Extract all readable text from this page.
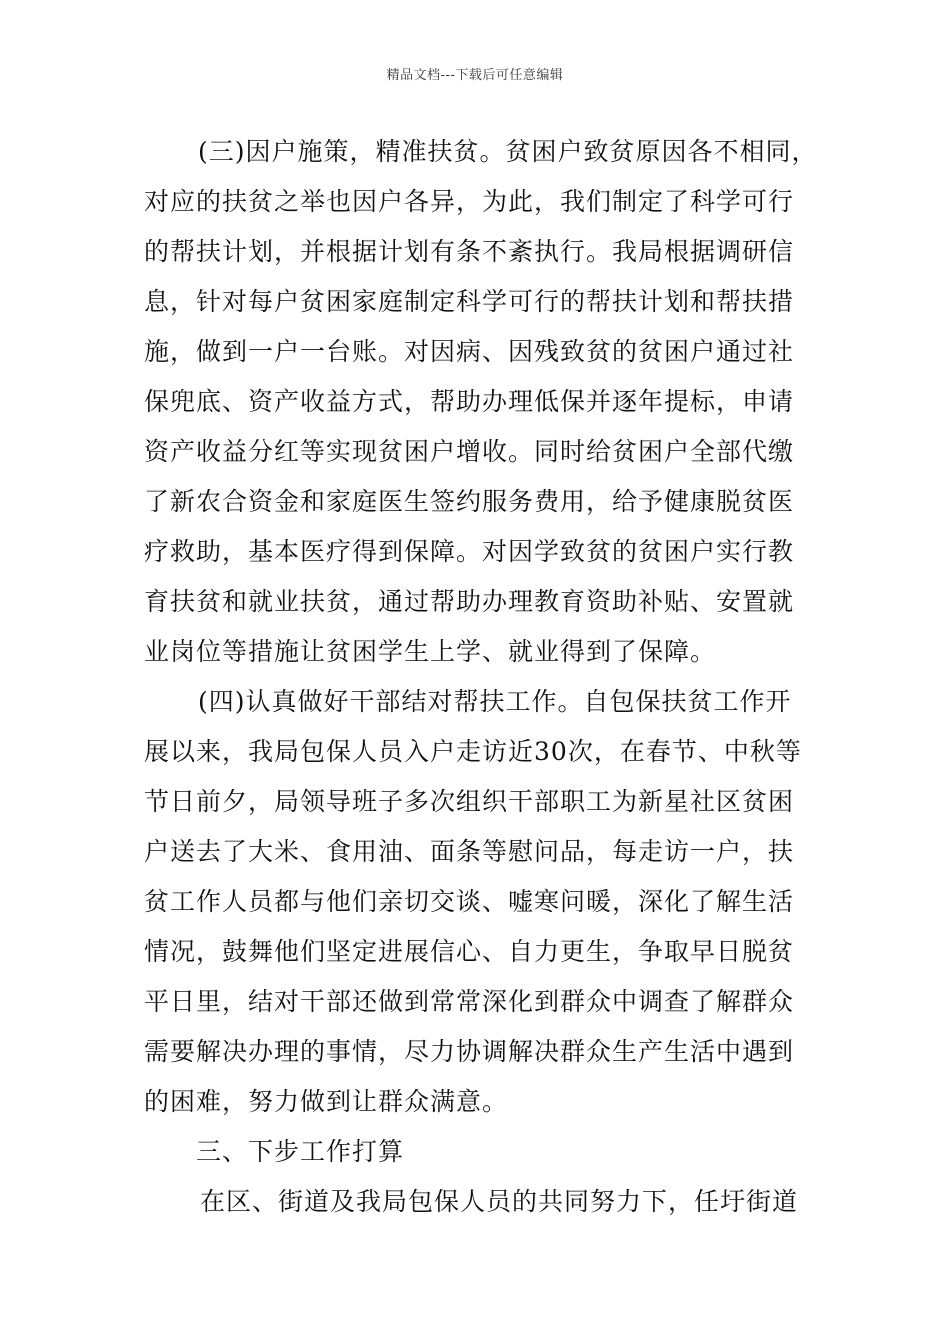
精品文档---下载后可任意编辑
(三)因户施策，精准扶贫。贫困户致贫原因各不相同，
对应的扶贫之举也因户各异，为此，我们制定了科学可行
的帮扶计划，并根据计划有条不紊执行。我局根据调研信
息，针对每户贫困家庭制定科学可行的帮扶计划和帮扶措
施，做到一户一台账。对因病、因残致贫的贫困户通过社
保兜底、资产收益方式，帮助办理低保并逐年提标，申请
资产收益分红等实现贫困户增收。同时给贫困户全部代缴
了新农合资金和家庭医生签约服务费用，给予健康脱贫医
疗救助，基本医疗得到保障。对因学致贫的贫困户实行教
育扶贫和就业扶贫，通过帮助办理教育资助补贴、安置就
业岗位等措施让贫困学生上学、就业得到了保障。
(四)认真做好干部结对帮扶工作。自包保扶贫工作开
展以来，我局包保人员入户走访近30次，在春节、中秋等
节日前夕，局领导班子多次组织干部职工为新星社区贫困
户送去了大米、食用油、面条等慰问品，每走访一户，扶
贫工作人员都与他们亲切交谈、嘘寒问暖，深化了解生活
情况，鼓舞他们坚定进展信心、自力更生，争取早日脱贫
平日里，结对干部还做到常常深化到群众中调查了解群众
需要解决办理的事情，尽力协调解决群众生产生活中遇到
的困难，努力做到让群众满意。
三、下步工作打算
在区、街道及我局包保人员的共同努力下，任圩街道
